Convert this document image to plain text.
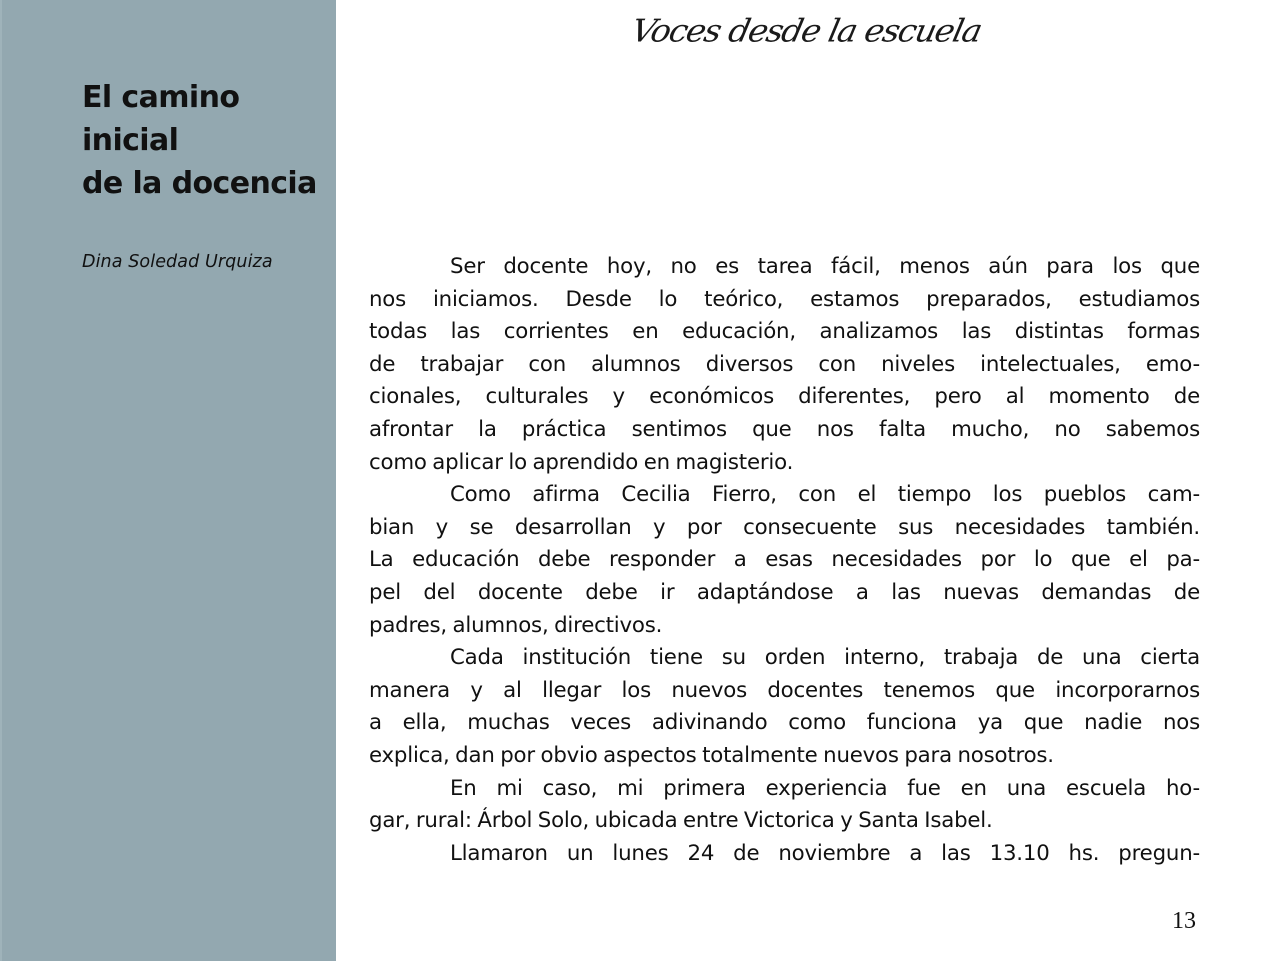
El camino
inicial
de la docencia
Dina Soledad Urquiza
Voces desde la escuela
Ser docente hoy, no es tarea fácil, menos aún para los que
nos iniciamos. Desde lo teórico, estamos preparados, estudiamos
todas las corrientes en educación, analizamos las distintas formas
de trabajar con alumnos diversos con niveles intelectuales, emo-
cionales, culturales y económicos diferentes, pero al momento de
afrontar la práctica sentimos que nos falta mucho, no sabemos
como aplicar lo aprendido en magisterio.
Como afirma Cecilia Fierro, con el tiempo los pueblos cam-
bian y se desarrollan y por consecuente sus necesidades también.
La educación debe responder a esas necesidades por lo que el pa-
pel del docente debe ir adaptándose a las nuevas demandas de
padres, alumnos, directivos.
Cada institución tiene su orden interno, trabaja de una cierta
manera y al llegar los nuevos docentes tenemos que incorporarnos
a ella, muchas veces adivinando como funciona ya que nadie nos
explica, dan por obvio aspectos totalmente nuevos para nosotros.
En mi caso, mi primera experiencia fue en una escuela ho-
gar, rural: Árbol Solo, ubicada entre Victorica y Santa Isabel.
Llamaron un lunes 24 de noviembre a las 13.10 hs. pregun-
13
